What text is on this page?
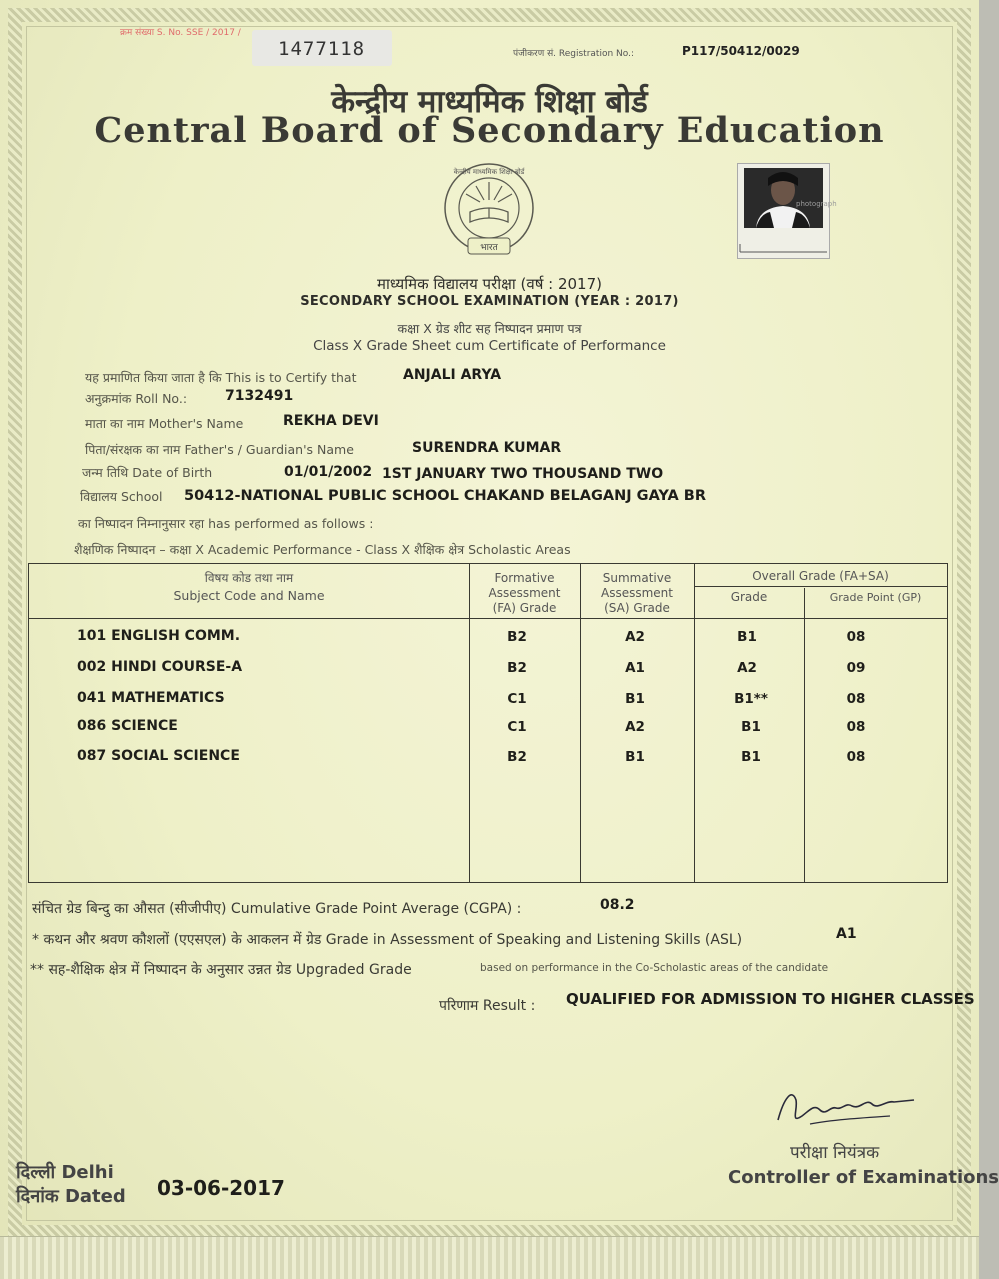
क्रम संख्या S. No. SSE / 2017 /
1477118	पंजीकरण सं. Registration No.:	P117/50412/0029
केन्द्रीय माध्यमिक शिक्षा बोर्ड
Central Board of Secondary Education
भारत
केन्द्रीय माध्यमिक शिक्षा बोर्ड
photograph
माध्यमिक विद्यालय परीक्षा (वर्ष : 2017)
SECONDARY SCHOOL EXAMINATION (YEAR : 2017)
कक्षा X ग्रेड शीट सह निष्पादन प्रमाण पत्र
Class X Grade Sheet cum Certificate of Performance
यह प्रमाणित किया जाता है कि This is to Certify that	ANJALI ARYA
अनुक्रमांक Roll No.:	7132491
माता का नाम Mother's Name	REKHA DEVI
पिता/संरक्षक का नाम Father's / Guardian's Name	SURENDRA KUMAR
जन्म तिथि Date of Birth	01/01/2002 1ST JANUARY TWO THOUSAND TWO
विद्यालय School 50412-NATIONAL PUBLIC SCHOOL CHAKAND BELAGANJ GAYA BR
का निष्पादन निम्नानुसार रहा has performed as follows :
शैक्षणिक निष्पादन – कक्षा X Academic Performance - Class X शैक्षिक क्षेत्र Scholastic Areas
विषय कोड तथा नाम
Subject Code and Name
Formative
Assessment
(FA) Grade
Summative
Assessment
(SA) Grade
Overall Grade (FA+SA)
Grade	Grade Point (GP)
101 ENGLISH COMM.	B2	A2	B1	08
002 HINDI COURSE-A	B2	A1	A2	09
041 MATHEMATICS	C1	B1	B1**	08
086 SCIENCE	C1	A2	B1	08
087 SOCIAL SCIENCE	B2	B1	B1	08
संचित ग्रेड बिन्दु का औसत (सीजीपीए) Cumulative Grade Point Average (CGPA) :	08.2
* कथन और श्रवण कौशलों (एएसएल) के आकलन में ग्रेड Grade in Assessment of Speaking and Listening Skills (ASL)	A1
** सह-शैक्षिक क्षेत्र में निष्पादन के अनुसार उन्नत ग्रेड Upgraded Grade	based on performance in the Co-Scholastic areas of the candidate
परिणाम Result : QUALIFIED FOR ADMISSION TO HIGHER CLASSES
परीक्षा नियंत्रक
Controller of Examinations
दिल्ली Delhi
दिनांक Dated 03-06-2017
